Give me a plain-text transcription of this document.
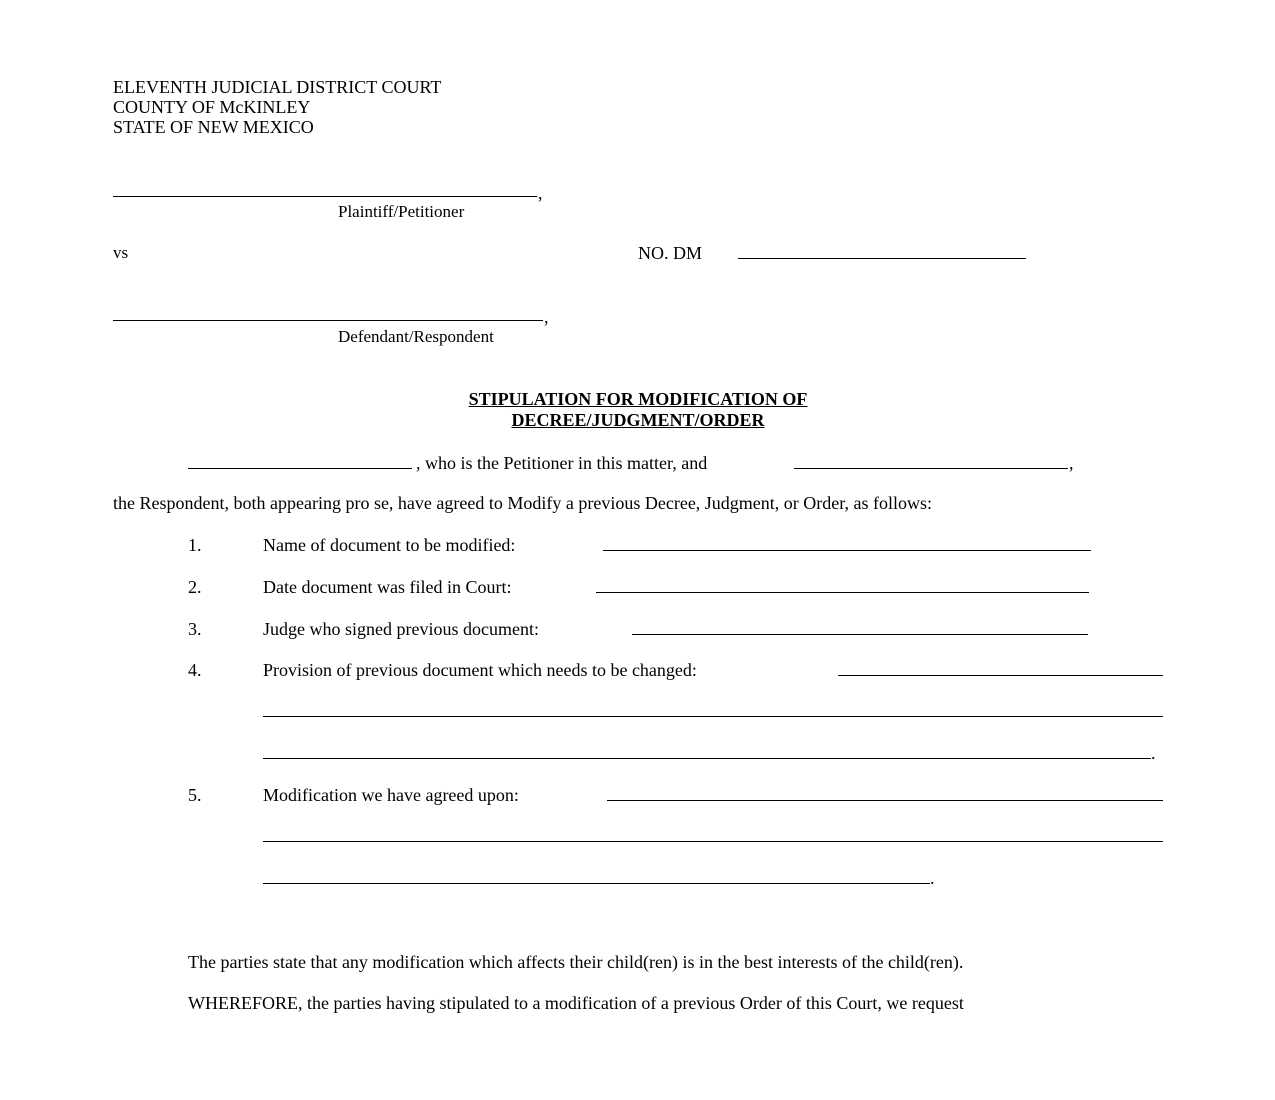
ELEVENTH JUDICIAL DISTRICT COURT
COUNTY OF McKINLEY
STATE OF NEW MEXICO
,
Plaintiff/Petitioner
vs	NO. DM
,
Defendant/Respondent
STIPULATION FOR MODIFICATION OF
DECREE/JUDGMENT/ORDER
, who is the Petitioner in this matter, and	,
the Respondent, both appearing pro se, have agreed to Modify a previous Decree, Judgment, or Order, as follows:
1.	Name of document to be modified:
2.	Date document was filed in Court:
3.	Judge who signed previous document:
4.	Provision of previous document which needs to be changed:
.
5.	Modification we have agreed upon:
.
The parties state that any modification which affects their child(ren) is in the best interests of the child(ren).
WHEREFORE, the parties having stipulated to a modification of a previous Order of this Court, we request
